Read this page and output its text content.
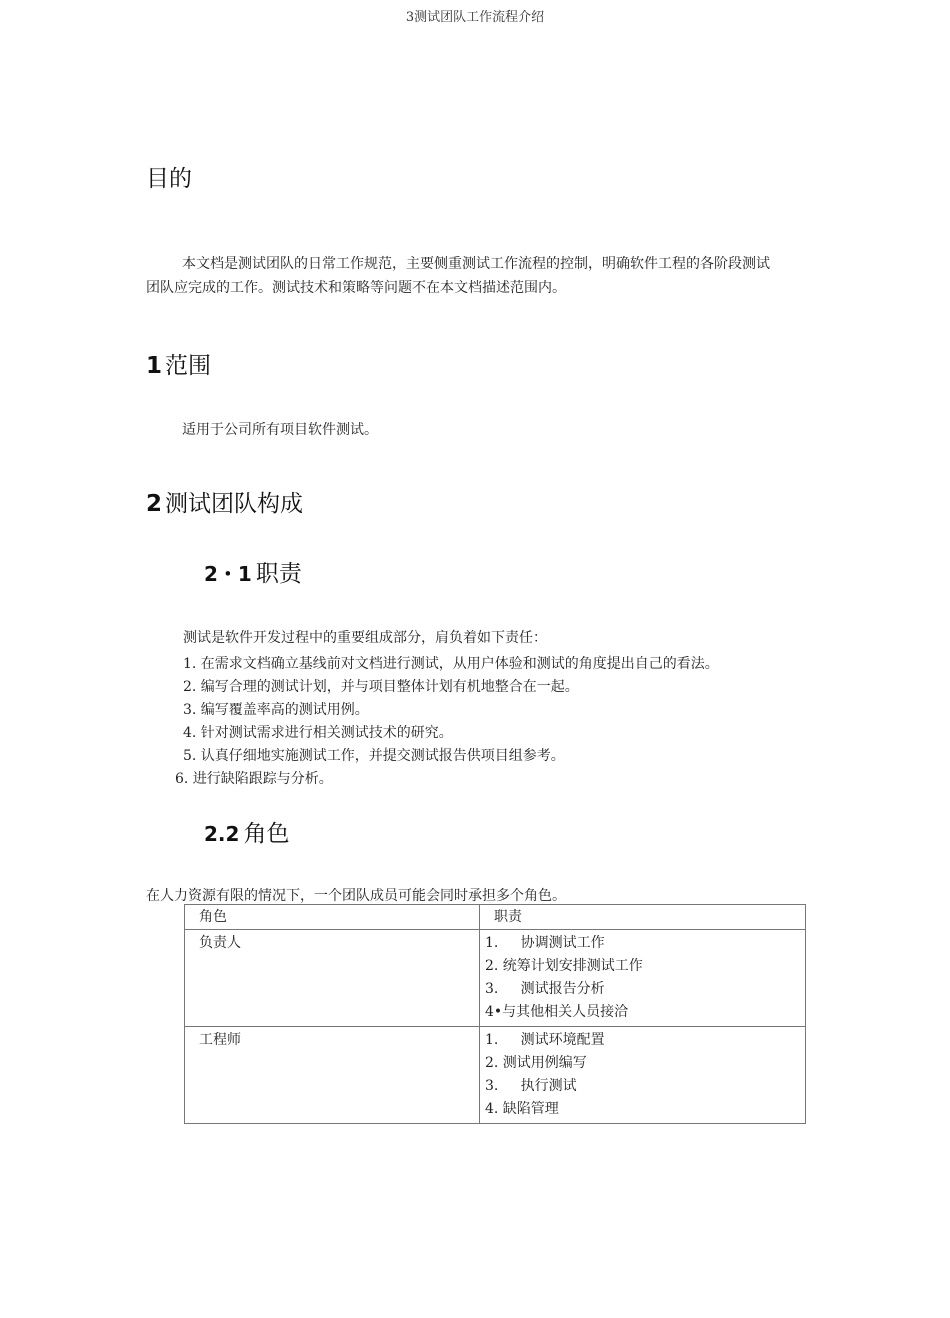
3测试团队工作流程介绍
目的
本文档是测试团队的日常工作规范，主要侧重测试工作流程的控制，明确软件工程的各阶段测试
团队应完成的工作。测试技术和策略等问题不在本文档描述范围内。
1 范围
适用于公司所有项目软件测试。
2 测试团队构成
2・1 职责
测试是软件开发过程中的重要组成部分，肩负着如下责任：
1. 在需求文档确立基线前对文档进行测试，从用户体验和测试的角度提出自己的看法。
2. 编写合理的测试计划，并与项目整体计划有机地整合在一起。
3. 编写覆盖率高的测试用例。
4. 针对测试需求进行相关测试技术的研究。
5. 认真仔细地实施测试工作，并提交测试报告供项目组参考。
6. 进行缺陷跟踪与分析。
2.2 角色
在人力资源有限的情况下，一个团队成员可能会同时承担多个角色。
角色	职责
负责人	1.     协调测试工作
2. 统筹计划安排测试工作
3.     测试报告分析
4•与其他相关人员接洽

工程师	1.     测试环境配置
2. 测试用例编写
3.     执行测试
4. 缺陷管理
